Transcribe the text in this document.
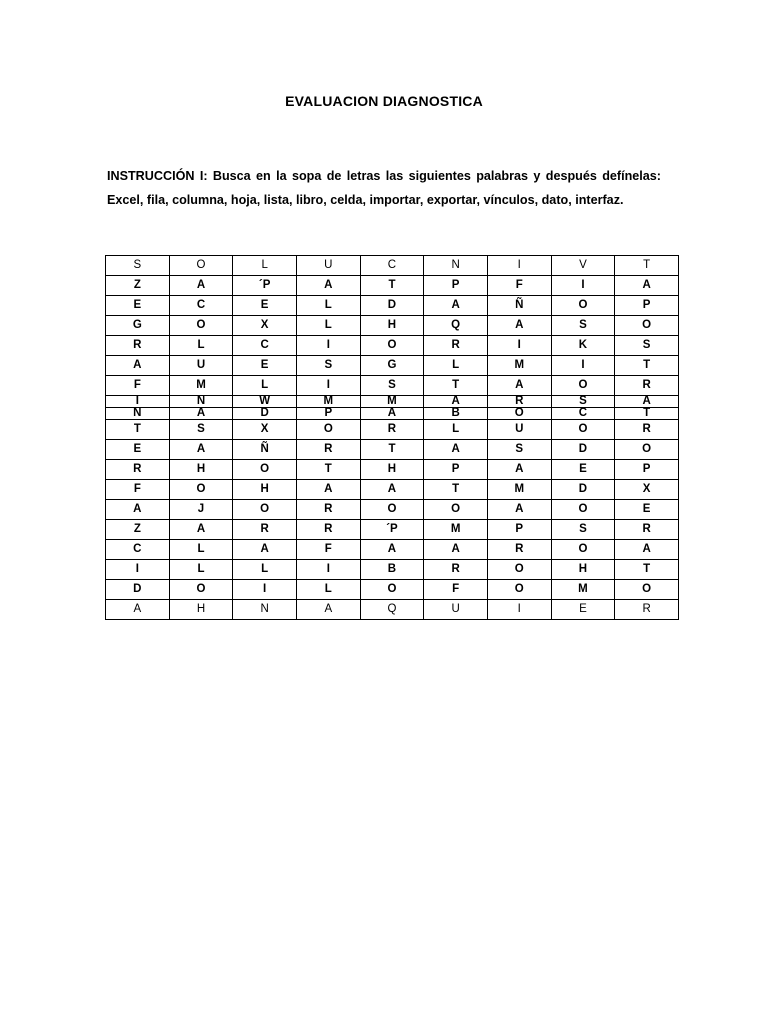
EVALUACION DIAGNOSTICA
INSTRUCCIÓN I: Busca en la sopa de letras las siguientes palabras y después defínelas:
Excel, fila, columna, hoja, lista, libro, celda, importar, exportar, vínculos, dato, interfaz.
S	O	L	U	C	N	I	V	T
Z	A	´P	A	T	P	F	I	A
E	C	E	L	D	A	Ñ	O	P
G	O	X	L	H	Q	A	S	O
R	L	C	I	O	R	I	K	S
A	U	E	S	G	L	M	I	T
F	M	L	I	S	T	A	O	R
I	N	W	M	M	A	R	S	A
N	A	D	P	A	B	O	C	T
T	S	X	O	R	L	U	O	R
E	A	Ñ	R	T	A	S	D	O
R	H	O	T	H	P	A	E	P
F	O	H	A	A	T	M	D	X
A	J	O	R	O	O	A	O	E
Z	A	R	R	´P	M	P	S	R
C	L	A	F	A	A	R	O	A
I	L	L	I	B	R	O	H	T
D	O	I	L	O	F	O	M	O
A	H	N	A	Q	U	I	E	R
